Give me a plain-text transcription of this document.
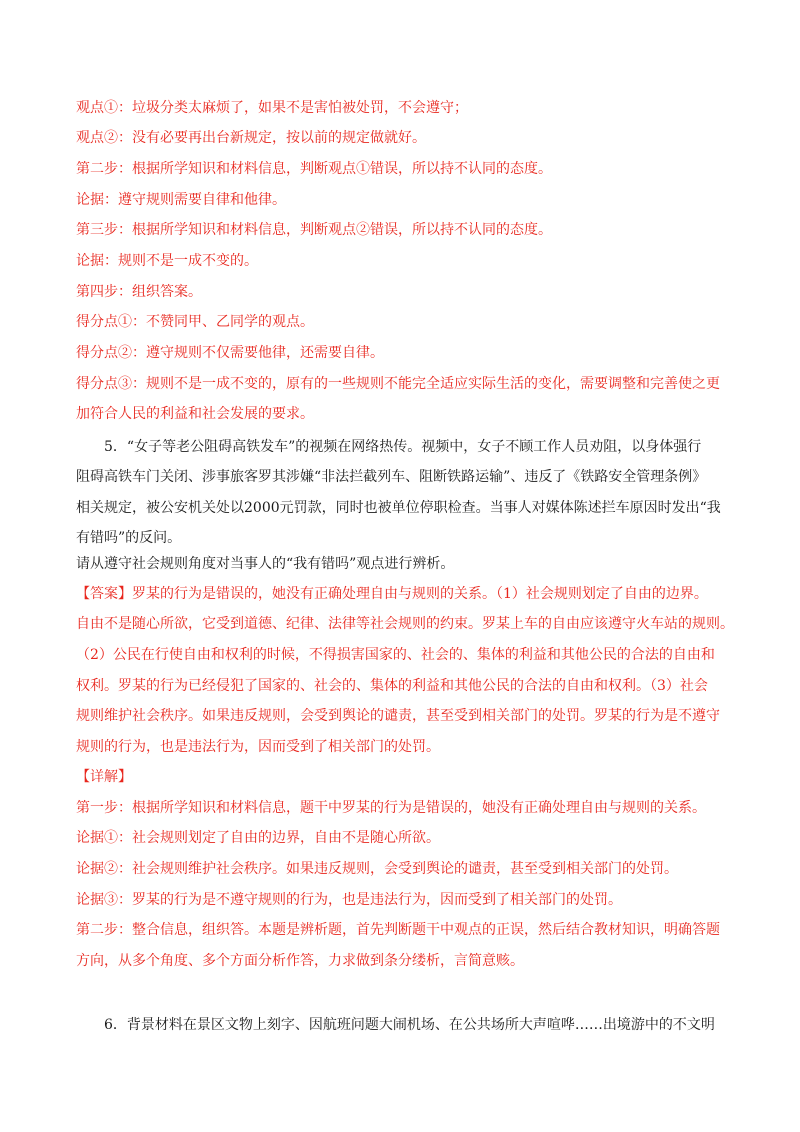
观点①：垃圾分类太麻烦了，如果不是害怕被处罚，不会遵守；
观点②：没有必要再出台新规定，按以前的规定做就好。
第二步：根据所学知识和材料信息，判断观点①错误，所以持不认同的态度。
论据：遵守规则需要自律和他律。
第三步：根据所学知识和材料信息，判断观点②错误，所以持不认同的态度。
论据：规则不是一成不变的。
第四步：组织答案。
得分点①：不赞同甲、乙同学的观点。
得分点②：遵守规则不仅需要他律，还需要自律。
得分点③：规则不是一成不变的，原有的一些规则不能完全适应实际生活的变化，需要调整和完善使之更
加符合人民的利益和社会发展的要求。
5．“女子等老公阻碍高铁发车”的视频在网络热传。视频中，女子不顾工作人员劝阻，以身体强行
阻碍高铁车门关闭、涉事旅客罗其涉嫌“非法拦截列车、阻断铁路运输”、违反了《铁路安全管理条例》
相关规定，被公安机关处以2000元罚款，同时也被单位停职检查。当事人对媒体陈述拦车原因时发出“我
有错吗”的反问。
请从遵守社会规则角度对当事人的“我有错吗”观点进行辨析。
【答案】罗某的行为是错误的，她没有正确处理自由与规则的关系。（1）社会规则划定了自由的边界。
自由不是随心所欲，它受到道德、纪律、法律等社会规则的约束。罗某上车的自由应该遵守火车站的规则。
（2）公民在行使自由和权利的时候，不得损害国家的、社会的、集体的利益和其他公民的合法的自由和
权利。罗某的行为已经侵犯了国家的、社会的、集体的利益和其他公民的合法的自由和权利。（3）社会
规则维护社会秩序。如果违反规则，会受到舆论的谴责，甚至受到相关部门的处罚。罗某的行为是不遵守
规则的行为，也是违法行为，因而受到了相关部门的处罚。
【详解】
第一步：根据所学知识和材料信息，题干中罗某的行为是错误的，她没有正确处理自由与规则的关系。
论据①：社会规则划定了自由的边界，自由不是随心所欲。
论据②：社会规则维护社会秩序。如果违反规则，会受到舆论的谴责，甚至受到相关部门的处罚。
论据③：罗某的行为是不遵守规则的行为，也是违法行为，因而受到了相关部门的处罚。
第二步：整合信息，组织答。本题是辨析题，首先判断题干中观点的正误，然后结合教材知识，明确答题
方向，从多个角度、多个方面分析作答，力求做到条分缕析，言简意赅。
6．背景材料在景区文物上刻字、因航班问题大闹机场、在公共场所大声喧哗……出境游中的不文明
